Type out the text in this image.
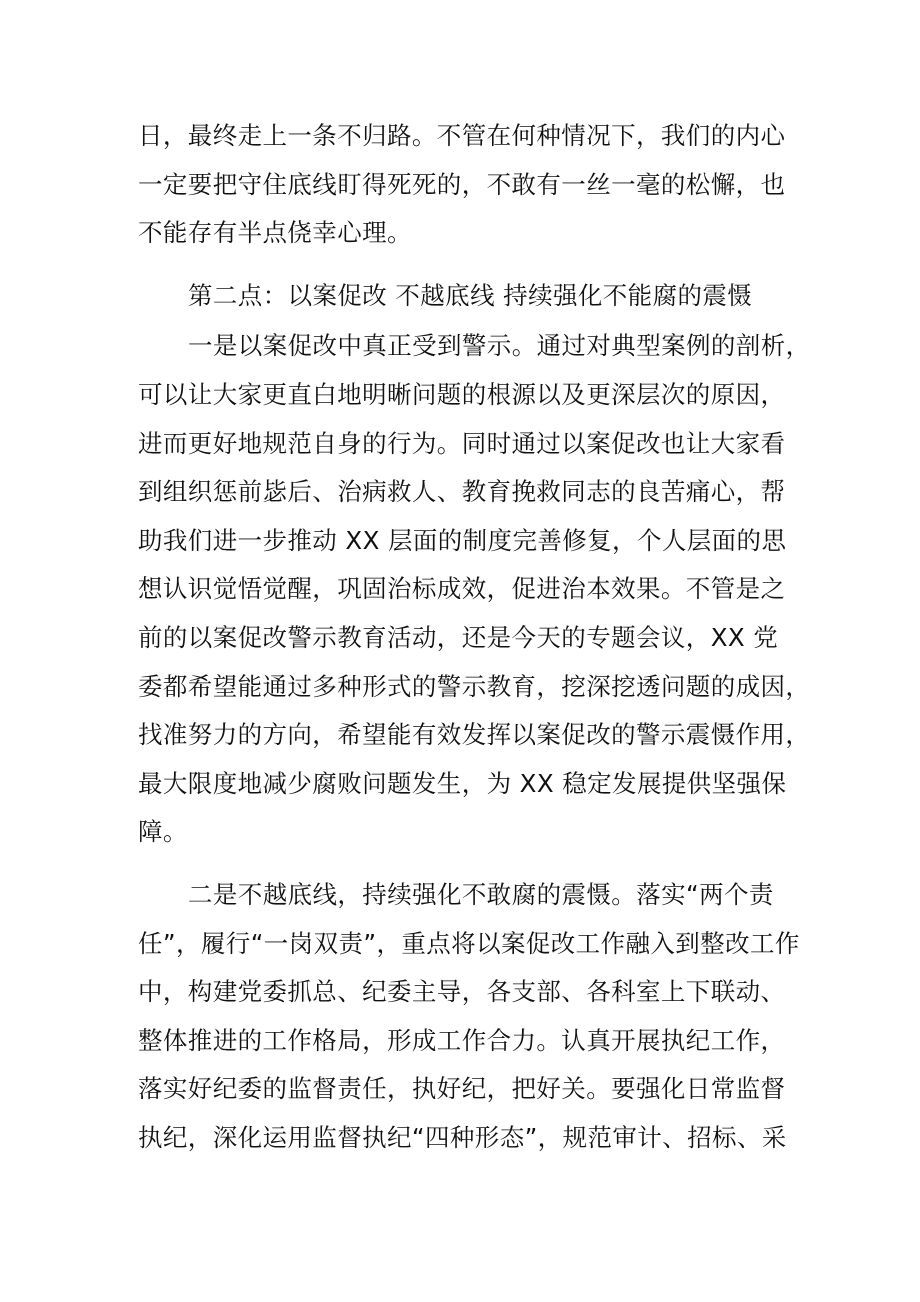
日，最终走上一条不归路。不管在何种情况下，我们的内心
一定要把守住底线盯得死死的，不敢有一丝一毫的松懈，也
不能存有半点侥幸心理。
第二点：以案促改 不越底线 持续强化不能腐的震慑
一是以案促改中真正受到警示。通过对典型案例的剖析，
可以让大家更直白地明晰问题的根源以及更深层次的原因，
进而更好地规范自身的行为。同时通过以案促改也让大家看
到组织惩前毖后、治病救人、教育挽救同志的良苦痛心，帮
助我们进一步推动 XX 层面的制度完善修复，个人层面的思
想认识觉悟觉醒，巩固治标成效，促进治本效果。不管是之
前的以案促改警示教育活动，还是今天的专题会议，XX 党
委都希望能通过多种形式的警示教育，挖深挖透问题的成因，
找准努力的方向，希望能有效发挥以案促改的警示震慑作用，
最大限度地减少腐败问题发生，为 XX 稳定发展提供坚强保
障。
二是不越底线，持续强化不敢腐的震慑。落实“两个责
任”，履行“一岗双责”，重点将以案促改工作融入到整改工作
中，构建党委抓总、纪委主导，各支部、各科室上下联动、
整体推进的工作格局，形成工作合力。认真开展执纪工作，
落实好纪委的监督责任，执好纪，把好关。要强化日常监督
执纪，深化运用监督执纪“四种形态”，规范审计、招标、采
